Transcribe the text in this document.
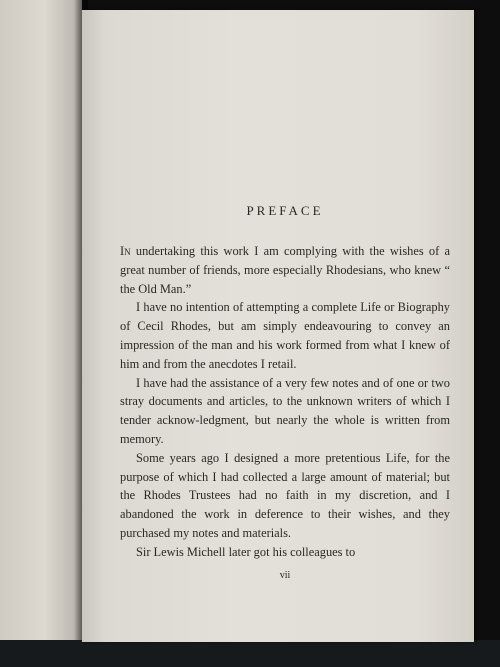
PREFACE

In undertaking this work I am complying with the wishes of a great number of friends, more especially Rhodesians, who knew “ the Old Man.”

I have no intention of attempting a complete Life or Biography of Cecil Rhodes, but am simply endeavouring to convey an impression of the man and his work formed from what I knew of him and from the anecdotes I retail.

I have had the assistance of a very few notes and of one or two stray documents and articles, to the unknown writers of which I tender acknow-ledgment, but nearly the whole is written from memory.

Some years ago I designed a more pretentious Life, for the purpose of which I had collected a large amount of material; but the Rhodes Trustees had no faith in my discretion, and I abandoned the work in deference to their wishes, and they purchased my notes and materials.

Sir Lewis Michell later got his colleagues to

vii
